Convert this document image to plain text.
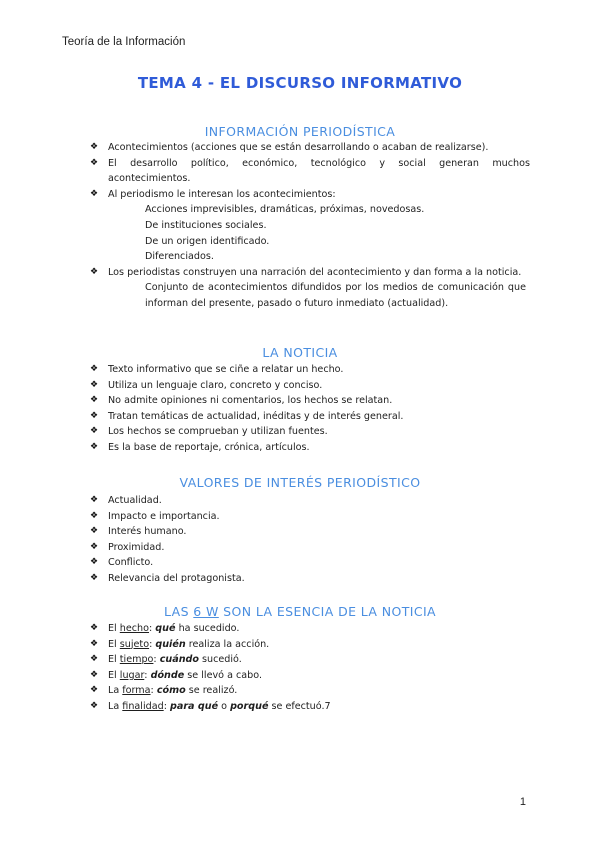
Teoría de la Información
TEMA 4 - EL DISCURSO INFORMATIVO
INFORMACIÓN PERIODÍSTICA
❖ Acontecimientos (acciones que se están desarrollando o acaban de realizarse).
❖ El desarrollo político, económico, tecnológico y social generan muchos acontecimientos.
❖ Al periodismo le interesan los acontecimientos:
Acciones imprevisibles, dramáticas, próximas, novedosas.
De instituciones sociales.
De un origen identificado.
Diferenciados.
❖ Los periodistas construyen una narración del acontecimiento y dan forma a la noticia.
Conjunto de acontecimientos difundidos por los medios de comunicación que informan del presente, pasado o futuro inmediato (actualidad).
LA NOTICIA
❖ Texto informativo que se ciñe a relatar un hecho.
❖ Utiliza un lenguaje claro, concreto y conciso.
❖ No admite opiniones ni comentarios, los hechos se relatan.
❖ Tratan temáticas de actualidad, inéditas y de interés general.
❖ Los hechos se comprueban y utilizan fuentes.
❖ Es la base de reportaje, crónica, artículos.
VALORES DE INTERÉS PERIODÍSTICO
❖ Actualidad.
❖ Impacto e importancia.
❖ Interés humano.
❖ Proximidad.
❖ Conflicto.
❖ Relevancia del protagonista.
LAS 6 W SON LA ESENCIA DE LA NOTICIA
❖ El hecho: qué ha sucedido.
❖ El sujeto: quién realiza la acción.
❖ El tiempo: cuándo sucedió.
❖ El lugar: dónde se llevó a cabo.
❖ La forma: cómo se realizó.
❖ La finalidad: para qué o porqué se efectuó.7
1
